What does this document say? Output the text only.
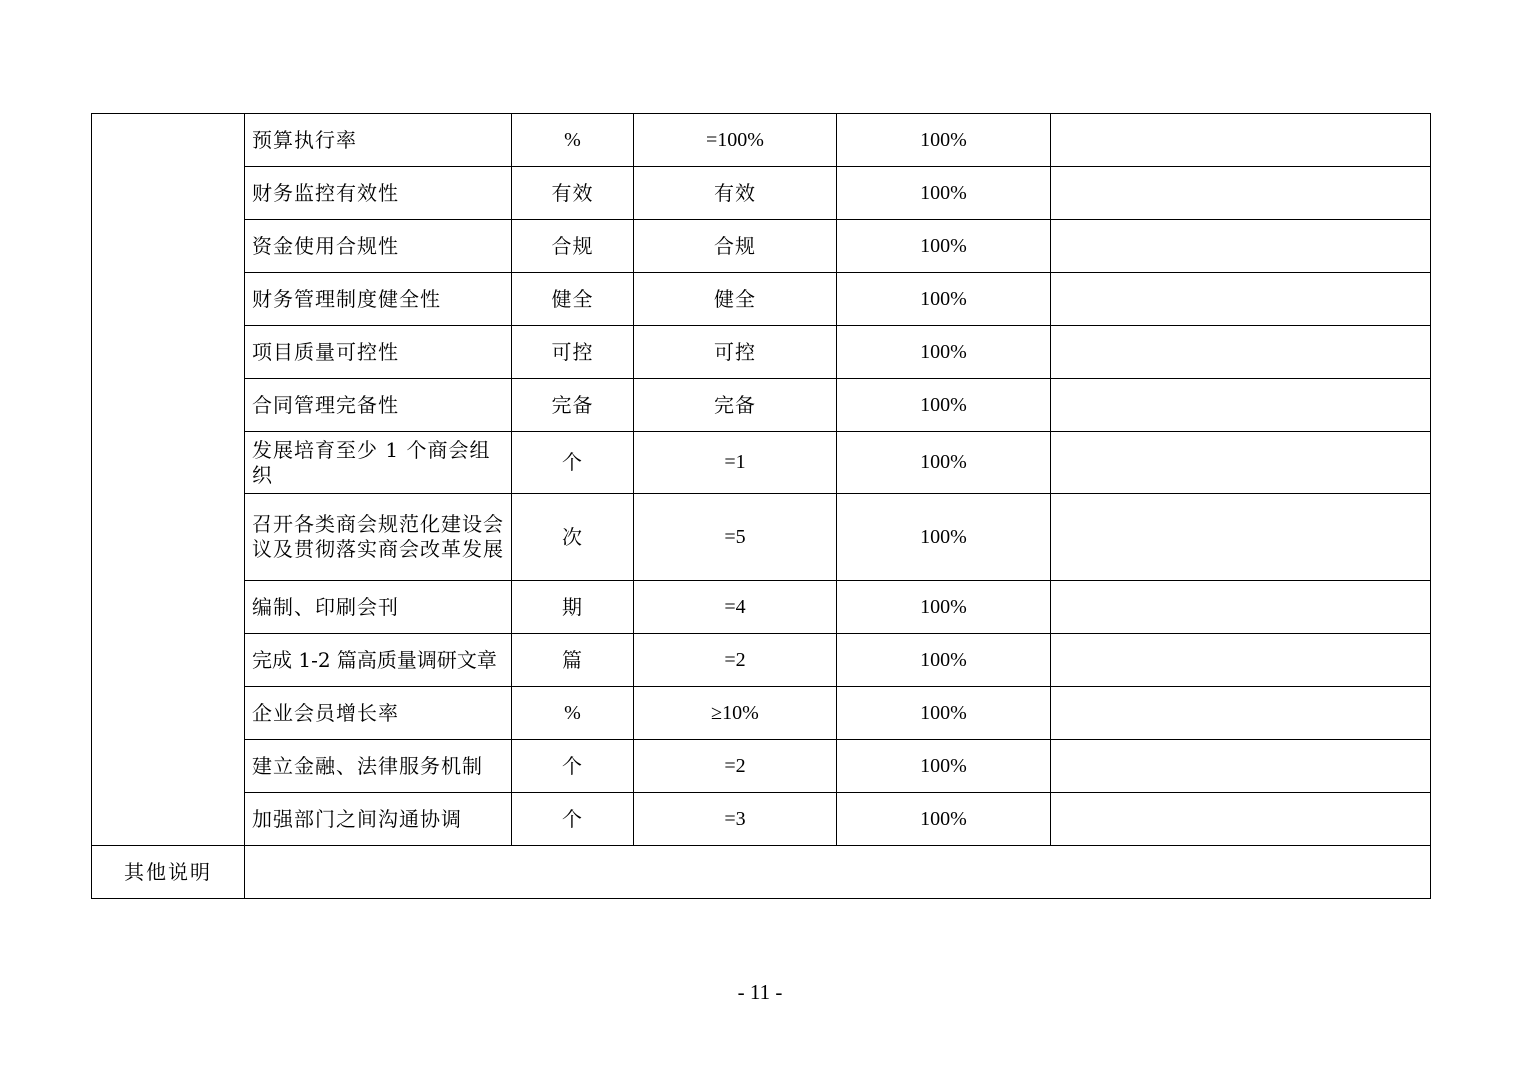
	预算执行率	%	=100%	100%	
	财务监控有效性	有效	有效	100%	
	资金使用合规性	合规	合规	100%	
	财务管理制度健全性	健全	健全	100%	
	项目质量可控性	可控	可控	100%	
	合同管理完备性	完备	完备	100%	
	发展培育至少 1 个商会组织	个	=1	100%	
	召开各类商会规范化建设会议及贯彻落实商会改革发展	次	=5	100%	
	编制、印刷会刊	期	=4	100%	
	完成 1-2 篇高质量调研文章	篇	=2	100%	
	企业会员增长率	%	≥10%	100%	
	建立金融、法律服务机制	个	=2	100%	
	加强部门之间沟通协调	个	=3	100%	
其他说明					
- 11 -
